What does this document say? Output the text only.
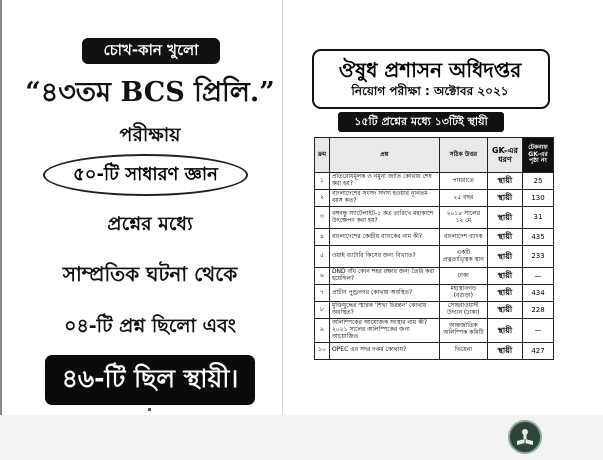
চোখ-কান খুলো
“৪৩তম BCS প্রিলি.”
পরীক্ষায়
৫০-টি সাধারণ জ্ঞান
প্রশ্নের মধ্যে
সাম্প্রতিক ঘটনা থেকে
০৪-টি প্রশ্ন ছিলো এবং
৪৬-টি ছিল স্থায়ী।
ঔষুধ প্রশাসন অধিদপ্তর
নিয়োগ পরীক্ষা : অক্টোবর ২০২১
১৫টি প্রশ্নের মধ্যে ১৩টিই স্থায়ী
ক্রম	প্রশ্ন	সঠিক উত্তর	GK-এর ধরণ	টেকনাফ GK-এর পৃষ্ঠা নং
১	প্রতিরোধমূলক ও নমুনা জাতি কোথায় শেষ করা হয়?	পায়রাতে	স্থায়ী	25
২	বাংলাদেশের সংসদ সদস্য হওয়ার ন্যূনতম বয়স কত?	২৫ বছর	স্থায়ী	130
৩	বঙ্গবন্ধু স্যাটেলাইট-১ কত তারিখে মহাকাশে উৎক্ষেপণ করা হয়?	২০১৮ সালের ১২ মে	স্থায়ী	31
৪	বাংলাদেশের কেন্দ্রীয় ব্যাংকের নাম কী?	বাংলাদেশ ব্যাংক	স্থায়ী	435
৫	ওয়াই ব্যাটারি কিসের জন্য বিখ্যাত?	একটি প্রত্নতাত্ত্বিক স্থান	স্থায়ী	233
৬	DND বাঁধ কোন শহর রক্ষার জন্য তৈরি করা হয়েছিল?	ঢাকা	স্থায়ী	—
৭	প্রাচীন পুণ্ড্রনগর কোথায় অবস্থিত?	মহাস্থানগড় (বগুড়া)	স্থায়ী	434
৮	মুক্তিযুদ্ধের স্মারক 'শিখা চিরন্তন' কোথায় অবস্থিত?	সোহরাওয়ার্দী উদ্যান (ঢাকা)	স্থায়ী	228
৯	অলিম্পিকের আয়োজক সংস্থার নাম কী? ২০২১ সালের অলিম্পিকের জন্য আয়োজিত	আন্তর্জাতিক অলিম্পিক কমিটি	স্থায়ী	—
১০	OPEC এর সদর দপ্তর কোথায়?	ভিয়েনা	স্থায়ী	427
